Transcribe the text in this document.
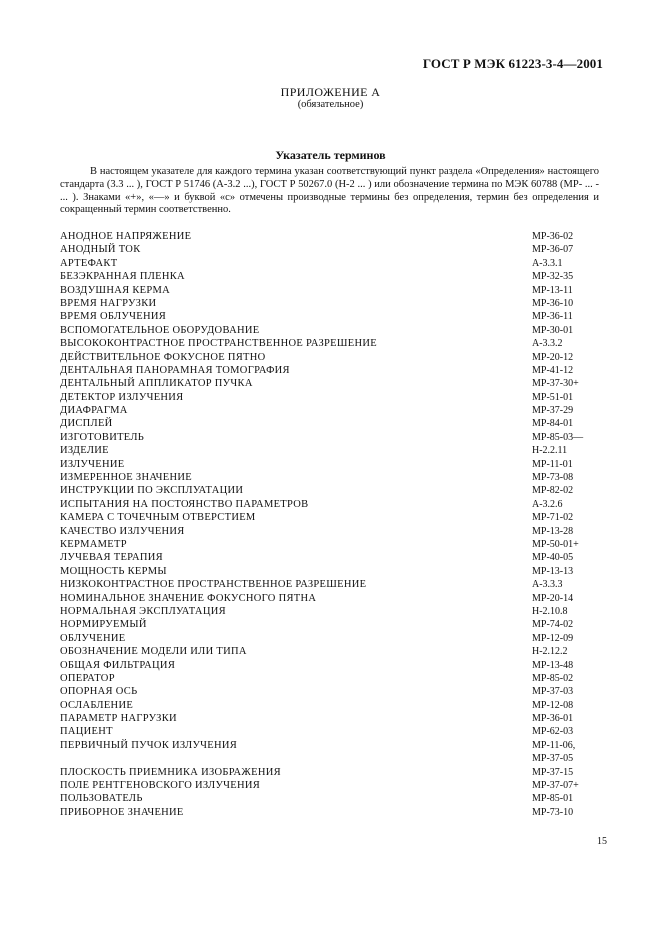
ГОСТ Р МЭК 61223-3-4—2001
ПРИЛОЖЕНИЕ А
(обязательное)
Указатель терминов
В настоящем указателе для каждого термина указан соответствующий пункт раздела «Определения» настоящего стандарта (3.3 ... ), ГОСТ Р 51746 (А-3.2 ...), ГОСТ Р 50267.0 (Н-2 ... ) или обозначение термина по МЭК 60788 (МР- ... - ... ). Знаками «+», «—» и буквой «с» отмечены производные термины без определения, термин без определения и сокращенный термин соответственно.
АНОДНОЕ НАПРЯЖЕНИЕ	МР-36-02
АНОДНЫЙ ТОК	МР-36-07
АРТЕФАКТ	А-3.3.1
БЕЗЭКРАННАЯ ПЛЕНКА	МР-32-35
ВОЗДУШНАЯ КЕРМА	МР-13-11
ВРЕМЯ НАГРУЗКИ	МР-36-10
ВРЕМЯ ОБЛУЧЕНИЯ	МР-36-11
ВСПОМОГАТЕЛЬНОЕ ОБОРУДОВАНИЕ	МР-30-01
ВЫСОКОКОНТРАСТНОЕ ПРОСТРАНСТВЕННОЕ РАЗРЕШЕНИЕ	А-3.3.2
ДЕЙСТВИТЕЛЬНОЕ ФОКУСНОЕ ПЯТНО	МР-20-12
ДЕНТАЛЬНАЯ ПАНОРАМНАЯ ТОМОГРАФИЯ	МР-41-12
ДЕНТАЛЬНЫЙ АППЛИКАТОР ПУЧКА	МР-37-30+
ДЕТЕКТОР ИЗЛУЧЕНИЯ	МР-51-01
ДИАФРАГМА	МР-37-29
ДИСПЛЕЙ	МР-84-01
ИЗГОТОВИТЕЛЬ	МР-85-03—
ИЗДЕЛИЕ	Н-2.2.11
ИЗЛУЧЕНИЕ	МР-11-01
ИЗМЕРЕННОЕ ЗНАЧЕНИЕ	МР-73-08
ИНСТРУКЦИИ ПО ЭКСПЛУАТАЦИИ	МР-82-02
ИСПЫТАНИЯ НА ПОСТОЯНСТВО ПАРАМЕТРОВ	А-3.2.6
КАМЕРА С ТОЧЕЧНЫМ ОТВЕРСТИЕМ	МР-71-02
КАЧЕСТВО ИЗЛУЧЕНИЯ	МР-13-28
КЕРМАМЕТР	МР-50-01+
ЛУЧЕВАЯ ТЕРАПИЯ	МР-40-05
МОЩНОСТЬ КЕРМЫ	МР-13-13
НИЗКОКОНТРАСТНОЕ ПРОСТРАНСТВЕННОЕ РАЗРЕШЕНИЕ	А-3.3.3
НОМИНАЛЬНОЕ ЗНАЧЕНИЕ ФОКУСНОГО ПЯТНА	МР-20-14
НОРМАЛЬНАЯ ЭКСПЛУАТАЦИЯ	Н-2.10.8
НОРМИРУЕМЫЙ	МР-74-02
ОБЛУЧЕНИЕ	МР-12-09
ОБОЗНАЧЕНИЕ МОДЕЛИ ИЛИ ТИПА	Н-2.12.2
ОБЩАЯ ФИЛЬТРАЦИЯ	МР-13-48
ОПЕРАТОР	МР-85-02
ОПОРНАЯ ОСЬ	МР-37-03
ОСЛАБЛЕНИЕ	МР-12-08
ПАРАМЕТР НАГРУЗКИ	МР-36-01
ПАЦИЕНТ	МР-62-03
ПЕРВИЧНЫЙ ПУЧОК ИЗЛУЧЕНИЯ	МР-11-06,
МР-37-05
ПЛОСКОСТЬ ПРИЕМНИКА ИЗОБРАЖЕНИЯ	МР-37-15
ПОЛЕ РЕНТГЕНОВСКОГО ИЗЛУЧЕНИЯ	МР-37-07+
ПОЛЬЗОВАТЕЛЬ	МР-85-01
ПРИБОРНОЕ ЗНАЧЕНИЕ	МР-73-10
15
